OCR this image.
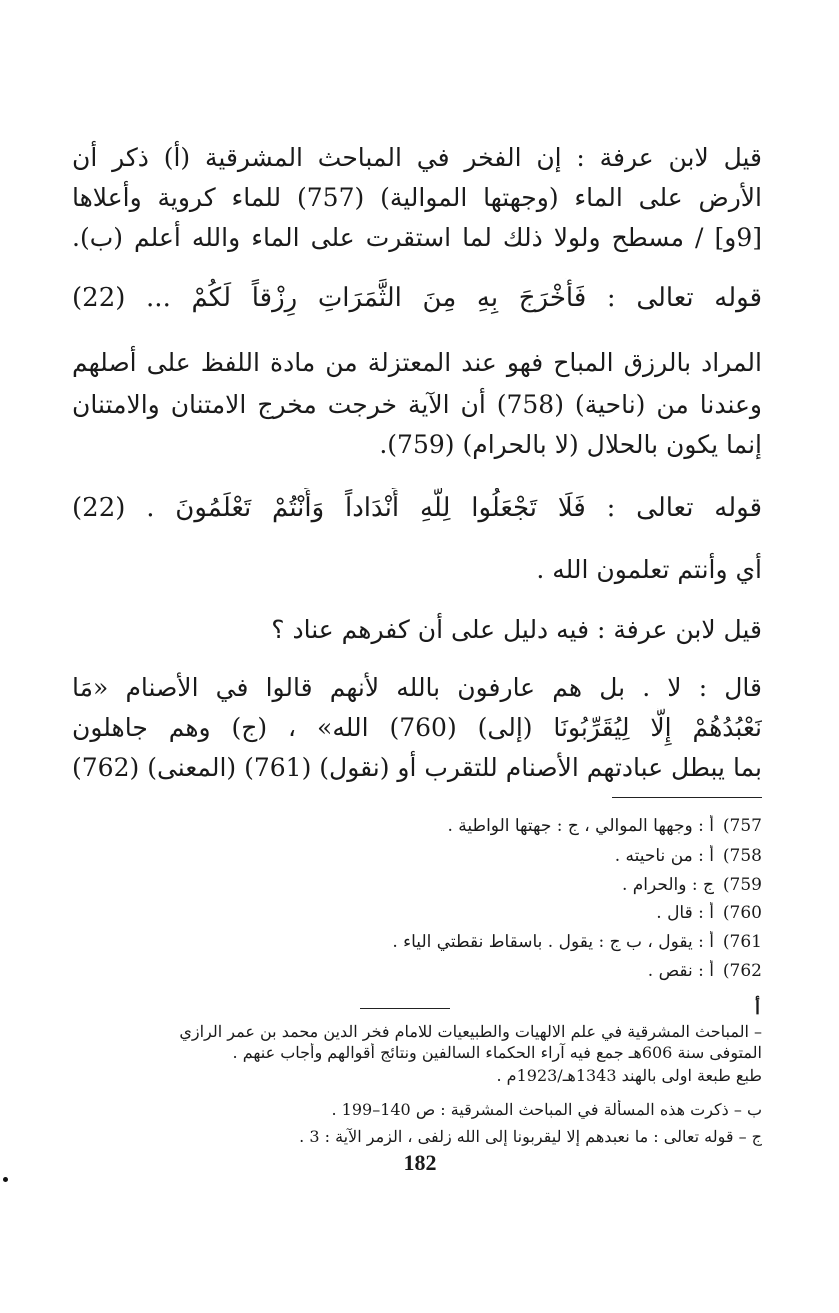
قيل لابن عرفة : إن الفخر في المباحث المشرقية (أ) ذكر أن
الأرض على الماء (وجهتها الموالية) (757) للماء كروية وأعلاها
[9و] / مسطح ولولا ذلك لما استقرت على الماء والله أعلم (ب).
قوله تعالى : فَأَخْرَجَ بِهِ مِنَ الثَّمَرَاتِ رِزْقاً لَكُمْ ... (22)
المراد بالرزق المباح فهو عند المعتزلة من مادة اللفظ على أصلهم
وعندنا من (ناحية) (758) أن الآية خرجت مخرج الامتنان والامتنان
إنما يكون بالحلال (لا بالحرام) (759).
قوله تعالى : فَلَا تَجْعَلُوا لِلَّهِ أَنْدَاداً وَأَنْتُمْ تَعْلَمُونَ . (22)
أي وأنتم تعلمون الله .
قيل لابن عرفة : فيه دليل على أن كفرهم عناد ؟
قال : لا . بل هم عارفون بالله لأنهم قالوا في الأصنام «مَا
نَعْبُدُهُمْ إِلَّا لِيُقَرِّبُونَا (إلى) (760) الله» ، (ج) وهم جاهلون
بما يبطل عبادتهم الأصنام للتقرب أو (نقول) (761) (المعنى) (762)
757)أ : وجهها الموالي ، ج : جهتها الواطية .
758)أ : من ناحيته .
759)ج : والحرام .
760)أ : قال .
761)أ : يقول ، ب ج : يقول . باسقاط نقطتي الياء .
762)أ : نقص .
أ
– المباحث المشرقية في علم الالهيات والطبيعيات للامام فخر الدين محمد بن عمر الرازي
المتوفى سنة 606هـ جمع فيه آراء الحكماء السالفين ونتائج أقوالهم وأجاب عنهم .
طبع طبعة اولى بالهند 1343هـ/1923م .
ب – ذكرت هذه المسألة في المباحث المشرقية : ص 140–199 .
ج – قوله تعالى : ما نعبدهم إلا ليقربونا إلى الله زلفى ، الزمر الآية : 3 .
182
